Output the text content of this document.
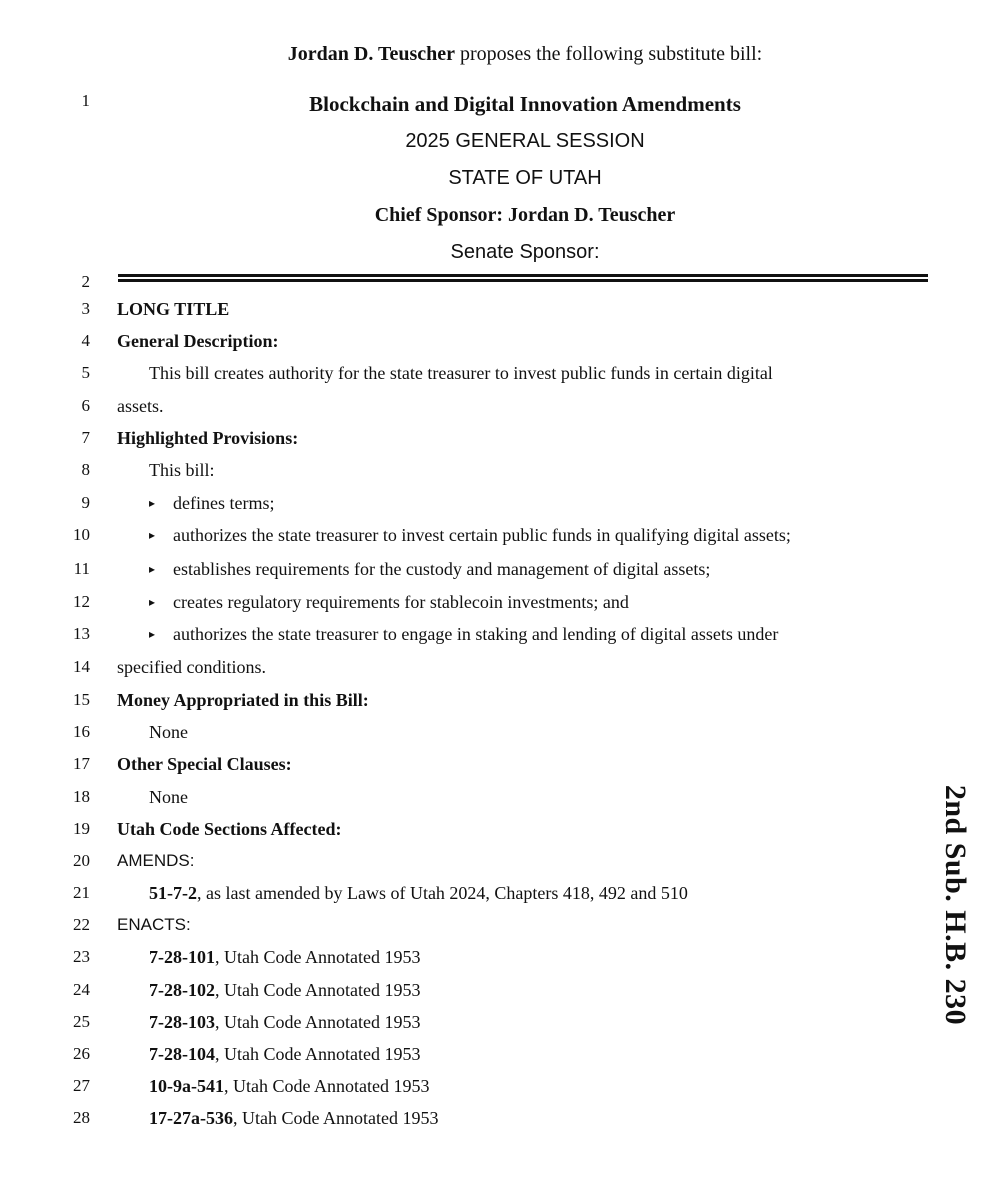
Jordan D. Teuscher proposes the following substitute bill:
1	Blockchain and Digital Innovation Amendments
2025 GENERAL SESSION
STATE OF UTAH
Chief Sponsor: Jordan D. Teuscher
Senate Sponsor:
2
3
4
5
6
7
8
9
10
11
12
13
14
15
16
17
18
19
20
21
22
23
24
25
26
27
28
LONG TITLE
General Description:
This bill creates authority for the state treasurer to invest public funds in certain digital
assets.
Highlighted Provisions:
This bill:
▸ defines terms;
▸ authorizes the state treasurer to invest certain public funds in qualifying digital assets;
▸ establishes requirements for the custody and management of digital assets;
▸ creates regulatory requirements for stablecoin investments; and
▸ authorizes the state treasurer to engage in staking and lending of digital assets under
specified conditions.
Money Appropriated in this Bill:
None
Other Special Clauses:
None
Utah Code Sections Affected:
AMENDS:
51-7-2, as last amended by Laws of Utah 2024, Chapters 418, 492 and 510
ENACTS:
7-28-101, Utah Code Annotated 1953
7-28-102, Utah Code Annotated 1953
7-28-103, Utah Code Annotated 1953
7-28-104, Utah Code Annotated 1953
10-9a-541, Utah Code Annotated 1953
17-27a-536, Utah Code Annotated 1953
2nd Sub. H.B. 230
